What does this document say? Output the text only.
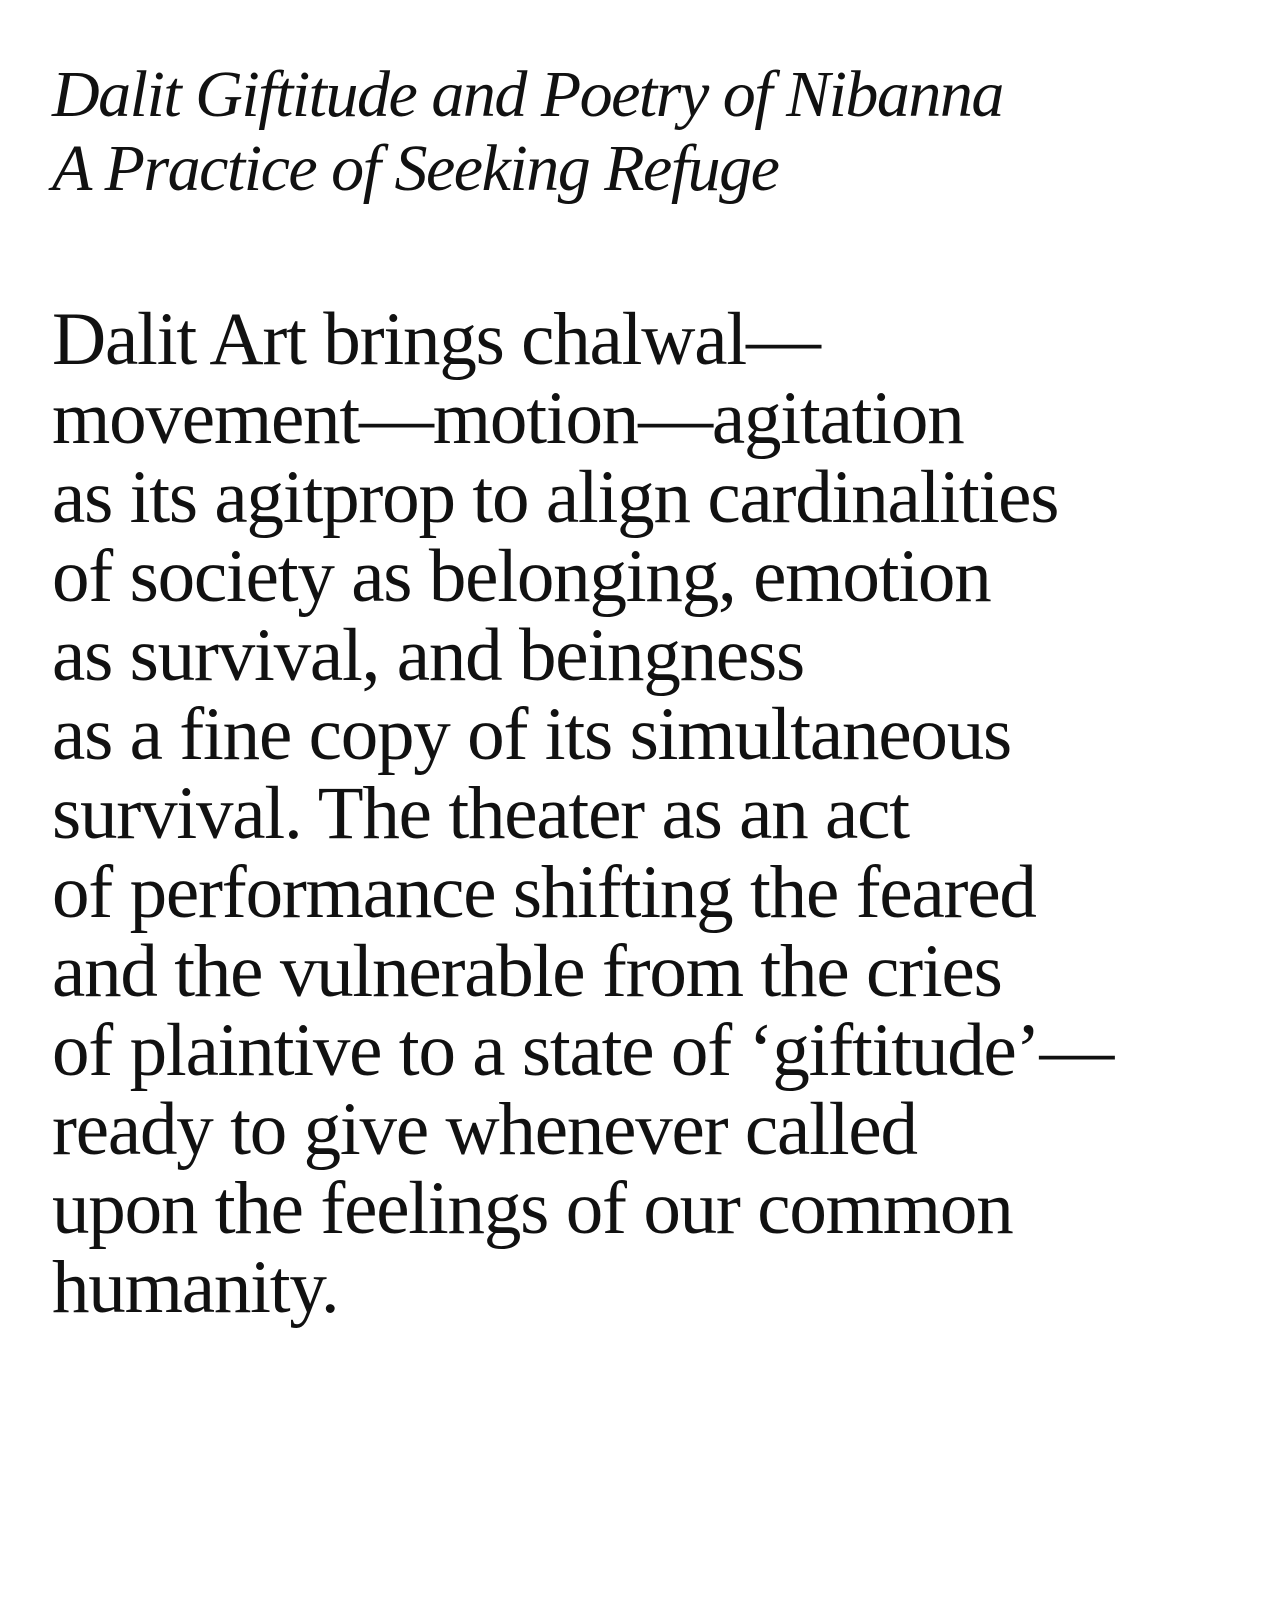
Dalit Giftitude and Poetry of Nibanna
A Practice of Seeking Refuge
Dalit Art brings chalwal—
movement—motion—agitation
as its agitprop to align cardinalities
of society as belonging, emotion
as survival, and beingness
as a fine copy of its simultaneous
survival. The theater as an act
of performance shifting the feared
and the vulnerable from the cries
of plaintive to a state of ‘giftitude’—
ready to give whenever called
upon the feelings of our common
humanity.
